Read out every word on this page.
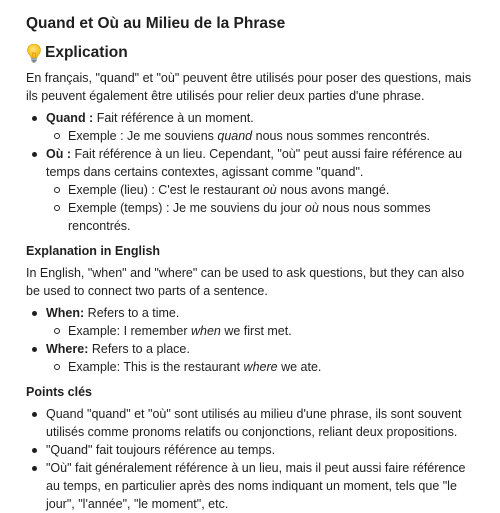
Quand et Où au Milieu de la Phrase
Explication

En français, "quand" et "où" peuvent être utilisés pour poser des questions, mais ils peuvent également être utilisés pour relier deux parties d'une phrase.

Quand : Fait référence à un moment.
Exemple : Je me souviens quand nous nous sommes rencontrés.
Où : Fait référence à un lieu. Cependant, "où" peut aussi faire référence au temps dans certains contextes, agissant comme "quand".
Exemple (lieu) : C'est le restaurant où nous avons mangé.
Exemple (temps) : Je me souviens du jour où nous nous sommes rencontrés.
Explanation in English

In English, "when" and "where" can be used to ask questions, but they can also be used to connect two parts of a sentence.

When: Refers to a time.
Example: I remember when we first met.
Where: Refers to a place.
Example: This is the restaurant where we ate.
Points clés
Quand "quand" et "où" sont utilisés au milieu d'une phrase, ils sont souvent utilisés comme pronoms relatifs ou conjonctions, reliant deux propositions.
"Quand" fait toujours référence au temps.
"Où" fait généralement référence à un lieu, mais il peut aussi faire référence au temps, en particulier après des noms indiquant un moment, tels que "le jour", "l'année", "le moment", etc.
